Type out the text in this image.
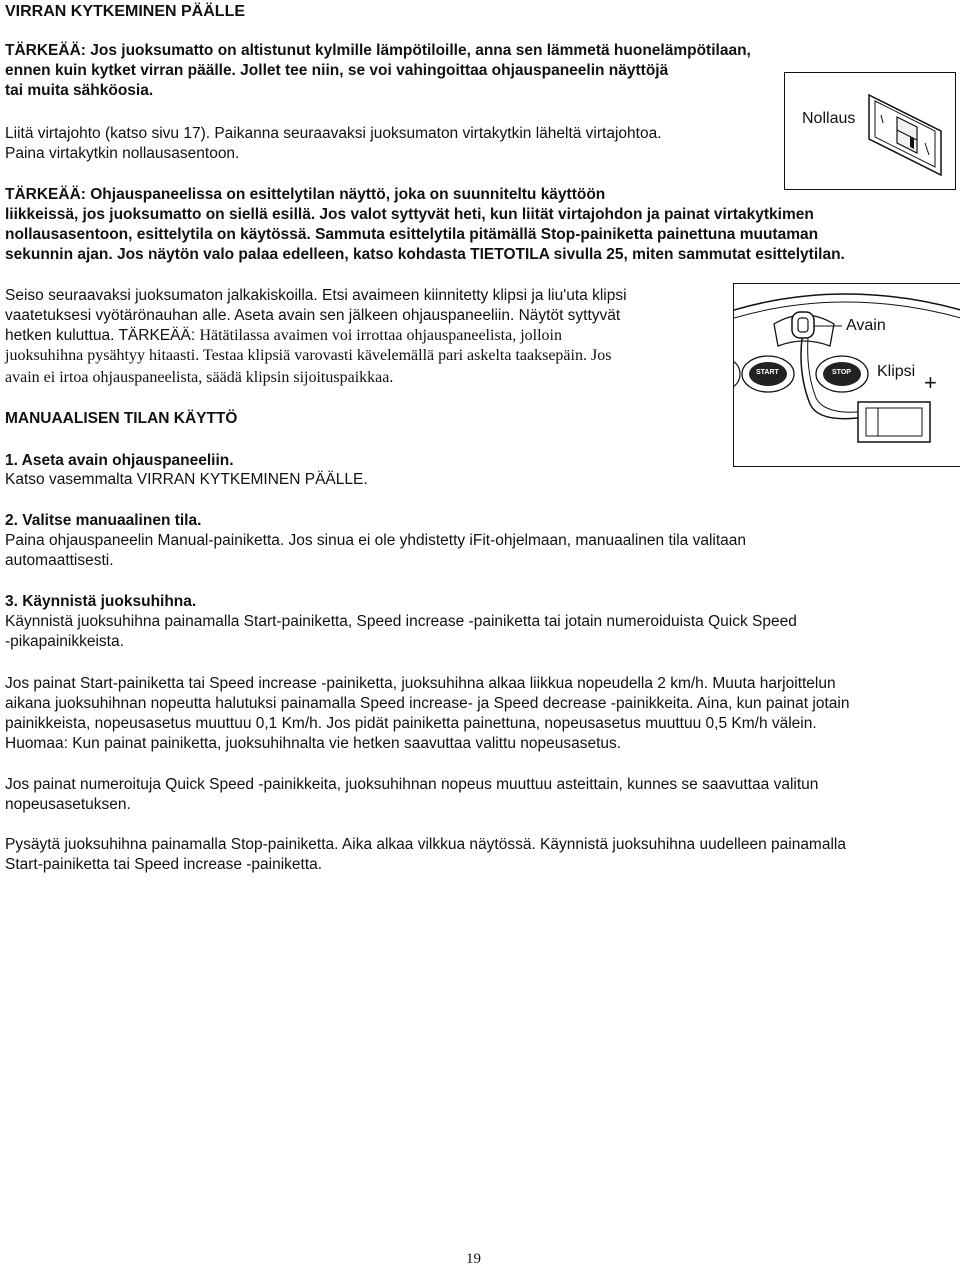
VIRRAN KYTKEMINEN PÄÄLLE
TÄRKEÄÄ: Jos juoksumatto on altistunut kylmille lämpötiloille, anna sen lämmetä huonelämpötilaan,
ennen kuin kytket virran päälle. Jollet tee niin, se voi vahingoittaa ohjauspaneelin näyttöjä
tai muita sähköosia.
Liitä virtajohto (katso sivu 17). Paikanna seuraavaksi juoksumaton virtakytkin läheltä virtajohtoa.
Paina virtakytkin nollausasentoon.
TÄRKEÄÄ: Ohjauspaneelissa on esittelytilan näyttö, joka on suunniteltu käyttöön
liikkeissä, jos juoksumatto on siellä esillä. Jos valot syttyvät heti, kun liität virtajohdon ja painat virtakytkimen
nollausasentoon, esittelytila on käytössä. Sammuta esittelytila pitämällä Stop-painiketta painettuna muutaman
sekunnin ajan. Jos näytön valo palaa edelleen, katso kohdasta TIETOTILA sivulla 25, miten sammutat esittelytilan.
Seiso seuraavaksi juoksumaton jalkakiskoilla. Etsi avaimeen kiinnitetty klipsi ja liu'uta klipsi
vaatetuksesi vyötärönauhan alle. Aseta avain sen jälkeen ohjauspaneeliin. Näytöt syttyvät
hetken kuluttua. TÄRKEÄÄ: Hätätilassa avaimen voi irrottaa ohjauspaneelista, jolloin
juoksuhihna pysähtyy hitaasti. Testaa klipsiä varovasti kävelemällä pari askelta taaksepäin. Jos
avain ei irtoa ohjauspaneelista, säädä klipsin sijoituspaikkaa.
Nollaus
Avain
Klipsi
START	STOP	+
MANUAALISEN TILAN KÄYTTÖ
1. Aseta avain ohjauspaneeliin.
Katso vasemmalta VIRRAN KYTKEMINEN PÄÄLLE.
2. Valitse manuaalinen tila.
Paina ohjauspaneelin Manual-painiketta. Jos sinua ei ole yhdistetty iFit-ohjelmaan, manuaalinen tila valitaan
automaattisesti.
3. Käynnistä juoksuhihna.
Käynnistä juoksuhihna painamalla Start-painiketta, Speed increase -painiketta tai jotain numeroiduista Quick Speed
-pikapainikkeista.
Jos painat Start-painiketta tai Speed increase -painiketta, juoksuhihna alkaa liikkua nopeudella 2 km/h. Muuta harjoittelun
aikana juoksuhihnan nopeutta halutuksi painamalla Speed increase- ja Speed decrease -painikkeita. Aina, kun painat jotain
painikkeista, nopeusasetus muuttuu 0,1 Km/h. Jos pidät painiketta painettuna, nopeusasetus muuttuu 0,5 Km/h välein.
Huomaa: Kun painat painiketta, juoksuhihnalta vie hetken saavuttaa valittu nopeusasetus.
Jos painat numeroituja Quick Speed -painikkeita, juoksuhihnan nopeus muuttuu asteittain, kunnes se saavuttaa valitun
nopeusasetuksen.
Pysäytä juoksuhihna painamalla Stop-painiketta. Aika alkaa vilkkua näytössä. Käynnistä juoksuhihna uudelleen painamalla
Start-painiketta tai Speed increase -painiketta.
19
